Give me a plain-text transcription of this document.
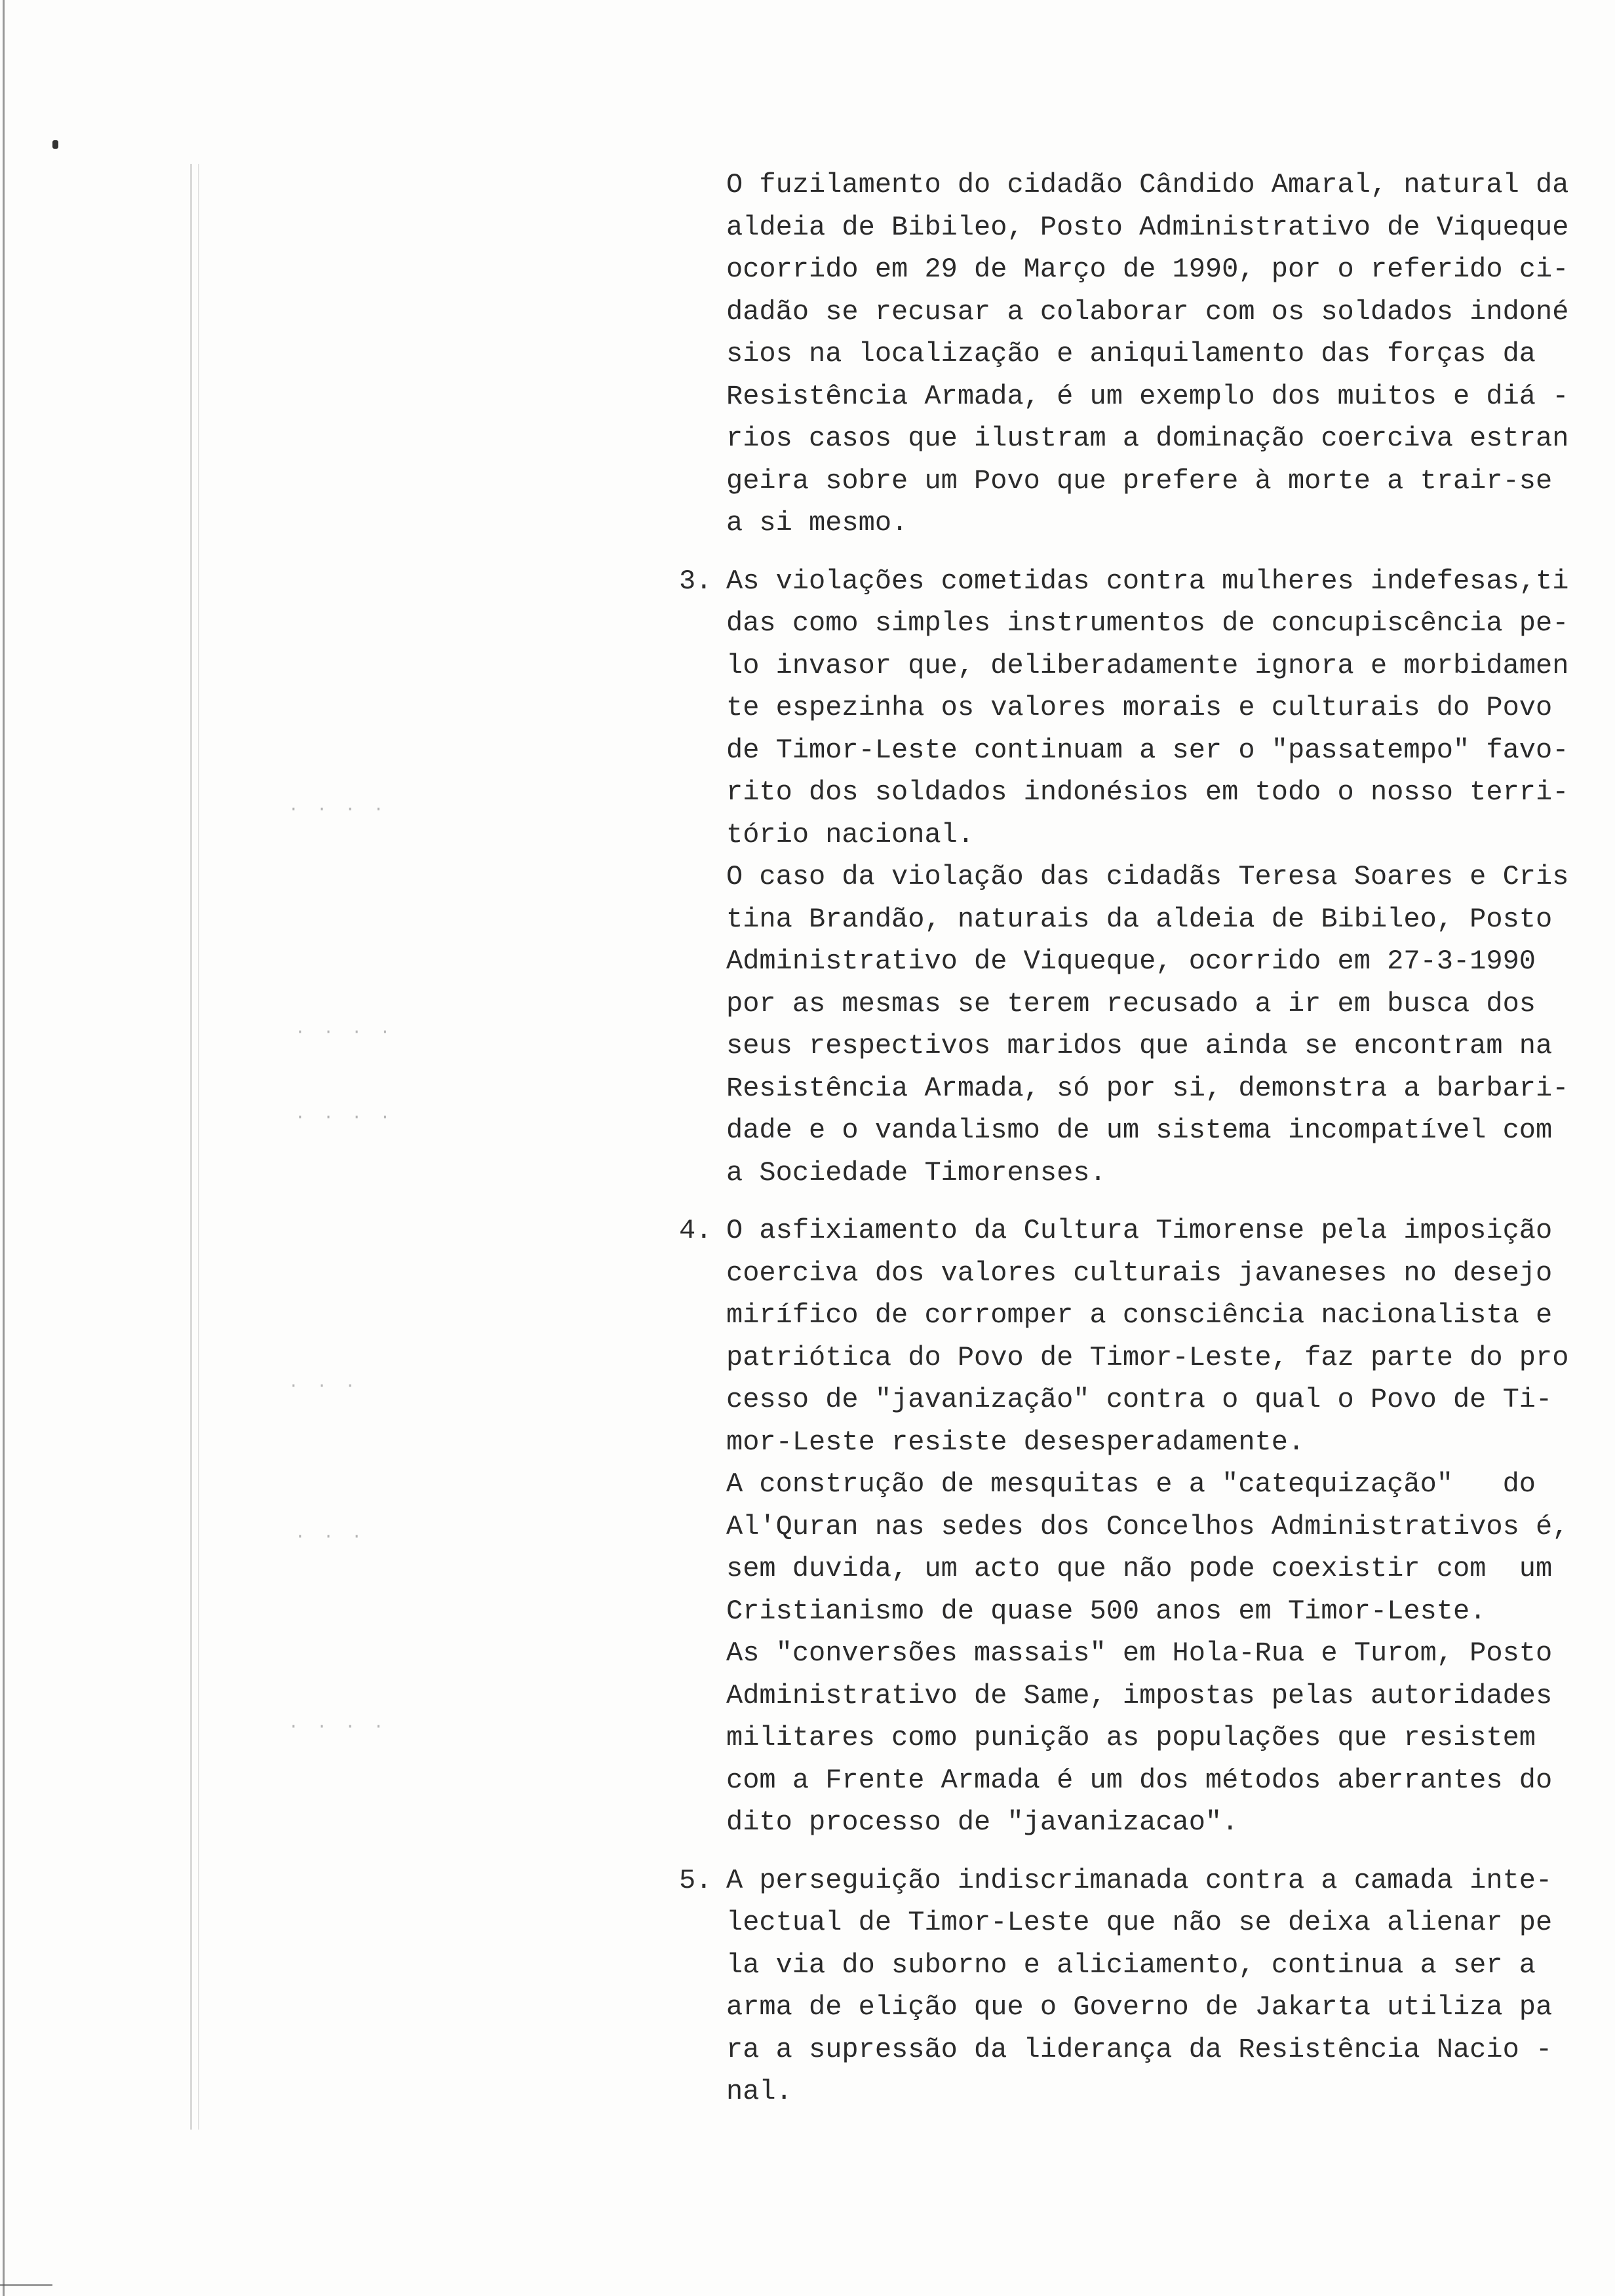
· · · ·
· · · ·
· · · ·
· · ·
· · ·
· · · ·

O fuzilamento do cidadão Cândido Amaral, natural da
aldeia de Bibileo, Posto Administrativo de Viqueque
ocorrido em 29 de Março de 1990, por o referido ci-
dadão se recusar a colaborar com os soldados indoné
sios na localização e aniquilamento das forças da
Resistência Armada, é um exemplo dos muitos e diá -
rios casos que ilustram a dominação coerciva estran
geira sobre um Povo que prefere à morte a trair-se
a si mesmo.

3. As violações cometidas contra mulheres indefesas,ti
das como simples instrumentos de concupiscência pe-
lo invasor que, deliberadamente ignora e morbidamen
te espezinha os valores morais e culturais do Povo
de Timor-Leste continuam a ser o "passatempo" favo-
rito dos soldados indonésios em todo o nosso terri-
tório nacional.

O caso da violação das cidadãs Teresa Soares e Cris
tina Brandão, naturais da aldeia de Bibileo, Posto
Administrativo de Viqueque, ocorrido em 27-3-1990
por as mesmas se terem recusado a ir em busca dos
seus respectivos maridos que ainda se encontram na
Resistência Armada, só por si, demonstra a barbari-
dade e o vandalismo de um sistema incompatível com
a Sociedade Timorenses.

4. O asfixiamento da Cultura Timorense pela imposição
coerciva dos valores culturais javaneses no desejo
mirífico de corromper a consciência nacionalista e
patriótica do Povo de Timor-Leste, faz parte do pro
cesso de "javanização" contra o qual o Povo de Ti-
mor-Leste resiste desesperadamente.

A construção de mesquitas e a "catequização"   do
Al'Quran nas sedes dos Concelhos Administrativos é,
sem duvida, um acto que não pode coexistir com  um
Cristianismo de quase 500 anos em Timor-Leste.

As "conversões massais" em Hola-Rua e Turom, Posto
Administrativo de Same, impostas pelas autoridades
militares como punição as populações que resistem
com a Frente Armada é um dos métodos aberrantes do
dito processo de "javanizacao".

5. A perseguição indiscrimanada contra a camada inte-
lectual de Timor-Leste que não se deixa alienar pe
la via do suborno e aliciamento, continua a ser a
arma de elição que o Governo de Jakarta utiliza pa
ra a supressão da liderança da Resistência Nacio -
nal.
